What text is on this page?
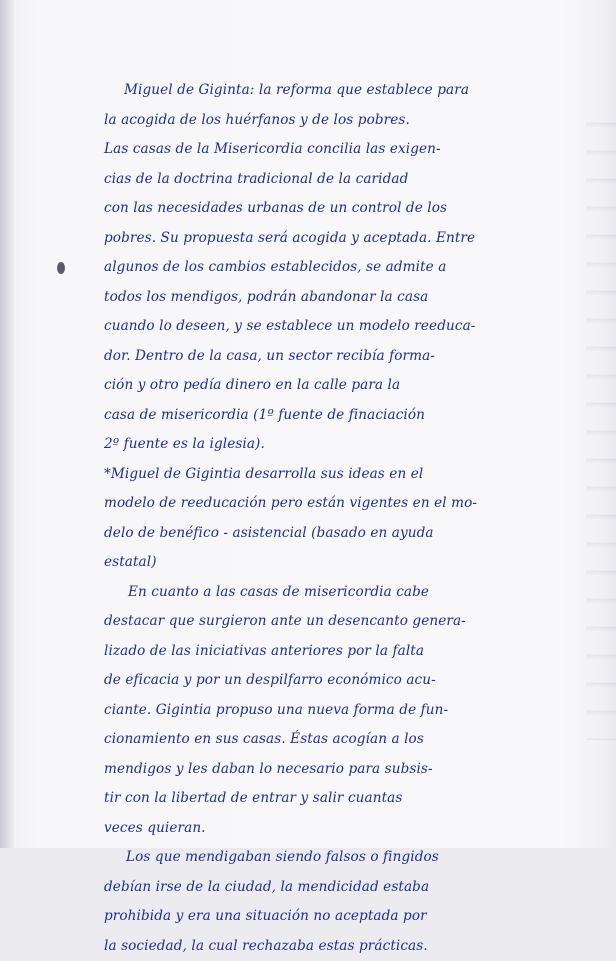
Miguel de Giginta: la reforma que establece para
la acogida de los huérfanos y de los pobres.
Las casas de la Misericordia concilia las exigen-
cias de la doctrina tradicional de la caridad
con las necesidades urbanas de un control de los
pobres. Su propuesta será acogida y aceptada. Entre
algunos de los cambios establecidos, se admite a
todos los mendigos, podrán abandonar la casa
cuando lo deseen, y se establece un modelo reeduca-
dor. Dentro de la casa, un sector recibía forma-
ción y otro pedía dinero en la calle para la
casa de misericordia (1º fuente de finaciación
2º fuente es la iglesia).
*Miguel de Gigintia desarrolla sus ideas en el
modelo de reeducación pero están vigentes en el mo-
delo de benéfico - asistencial (basado en ayuda
estatal)
En cuanto a las casas de misericordia cabe
destacar que surgieron ante un desencanto genera-
lizado de las iniciativas anteriores por la falta
de eficacia y por un despilfarro económico acu-
ciante. Gigintia propuso una nueva forma de fun-
cionamiento en sus casas. Éstas acogían a los
mendigos y les daban lo necesario para subsis-
tir con la libertad de entrar y salir cuantas
veces quieran.
Los que mendigaban siendo falsos o fingidos
debían irse de la ciudad, la mendicidad estaba
prohibida y era una situación no aceptada por
la sociedad, la cual rechazaba estas prácticas.
